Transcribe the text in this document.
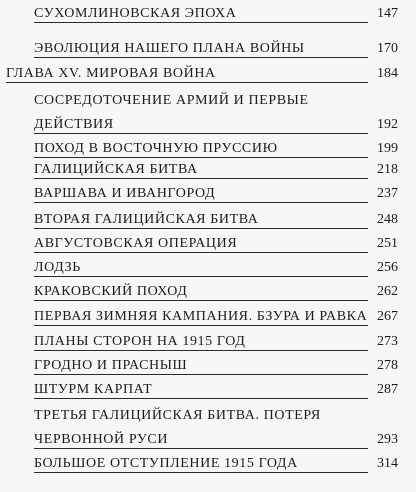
СУХОМЛИНОВСКАЯ ЭПОХА	147
ЭВОЛЮЦИЯ НАШЕГО ПЛАНА ВОЙНЫ	170
ГЛАВА XV. МИРОВАЯ ВОЙНА	184
СОСРЕДОТОЧЕНИЕ АРМИЙ И ПЕРВЫЕ
ДЕЙСТВИЯ	192
ПОХОД В ВОСТОЧНУЮ ПРУССИЮ	199
ГАЛИЦИЙСКАЯ БИТВА	218
ВАРШАВА И ИВАНГОРОД	237
ВТОРАЯ ГАЛИЦИЙСКАЯ БИТВА	248
АВГУСТОВСКАЯ ОПЕРАЦИЯ	251
ЛОДЗЬ	256
КРАКОВСКИЙ ПОХОД	262
ПЕРВАЯ ЗИМНЯЯ КАМПАНИЯ. БЗУРА И РАВКА 267
ПЛАНЫ СТОРОН НА 1915 ГОД	273
ГРОДНО И ПРАСНЫШ	278
ШТУРМ КАРПАТ	287
ТРЕТЬЯ ГАЛИЦИЙСКАЯ БИТВА. ПОТЕРЯ
ЧЕРВОННОЙ РУСИ	293
БОЛЬШОЕ ОТСТУПЛЕНИЕ 1915 ГОДА	314
